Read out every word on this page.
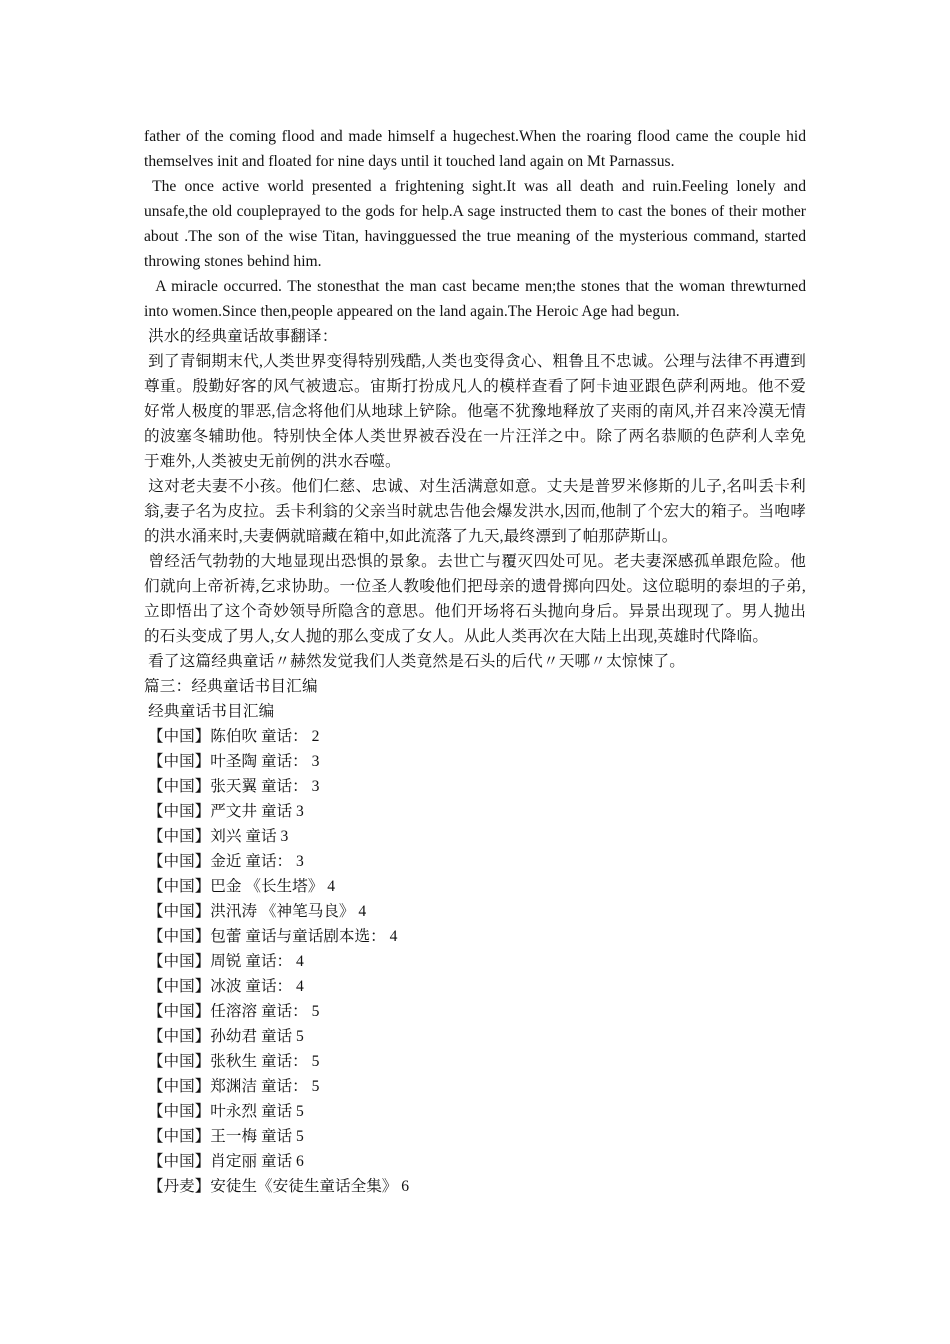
father of the coming flood and made himself a hugechest.When the roaring flood came the couple hid themselves init and floated for nine days until it touched land again on Mt Parnassus.

The once active world presented a frightening sight.It was all death and ruin.Feeling lonely and unsafe,the old coupleprayed to the gods for help.A sage instructed them to cast the bones of their mother about .The son of the wise Titan, havingguessed the true meaning of the mysterious command, started throwing stones behind him.

A miracle occurred. The stonesthat the man cast became men;the stones that the woman threwturned into women.Since then,people appeared on the land again.The Heroic Age had begun.

洪水的经典童话故事翻译：

到了青铜期末代,人类世界变得特别残酷,人类也变得贪心、粗鲁且不忠诚。公理与法律不再遭到尊重。殷勤好客的风气被遗忘。宙斯打扮成凡人的模样查看了阿卡迪亚跟色萨利两地。他不爱好常人极度的罪恶,信念将他们从地球上铲除。他毫不犹豫地释放了夹雨的南风,并召来冷漠无情的波塞冬辅助他。特别快全体人类世界被吞没在一片汪洋之中。除了两名恭顺的色萨利人幸免于难外,人类被史无前例的洪水吞噬。

这对老夫妻不小孩。他们仁慈、忠诚、对生活满意如意。丈夫是普罗米修斯的儿子,名叫丢卡利翁,妻子名为皮拉。丢卡利翁的父亲当时就忠告他会爆发洪水,因而,他制了个宏大的箱子。当咆哮的洪水涌来时,夫妻俩就暗藏在箱中,如此流落了九天,最终漂到了帕那萨斯山。

曾经活气勃勃的大地显现出恐惧的景象。去世亡与覆灭四处可见。老夫妻深感孤单跟危险。他们就向上帝祈祷,乞求协助。一位圣人教唆他们把母亲的遗骨掷向四处。这位聪明的泰坦的子弟,立即悟出了这个奇妙领导所隐含的意思。他们开场将石头抛向身后。异景出现现了。男人抛出的石头变成了男人,女人抛的那么变成了女人。从此人类再次在大陆上出现,英雄时代降临。

看了这篇经典童话〃赫然发觉我们人类竟然是石头的后代〃天哪〃太惊悚了。

篇三：经典童话书目汇编

经典童话书目汇编

【中国】陈伯吹 童话： 2

【中国】叶圣陶 童话： 3

【中国】张天翼 童话： 3

【中国】严文井 童话 3

【中国】刘兴 童话 3

【中国】金近 童话： 3

【中国】巴金 《长生塔》 4

【中国】洪汛涛 《神笔马良》 4

【中国】包蕾 童话与童话剧本选： 4

【中国】周锐 童话： 4

【中国】冰波 童话： 4

【中国】任溶溶 童话： 5

【中国】孙幼君 童话 5

【中国】张秋生 童话： 5

【中国】郑渊洁 童话： 5

【中国】叶永烈 童话 5

【中国】王一梅 童话 5

【中国】肖定丽 童话 6

【丹麦】安徒生《安徒生童话全集》 6
